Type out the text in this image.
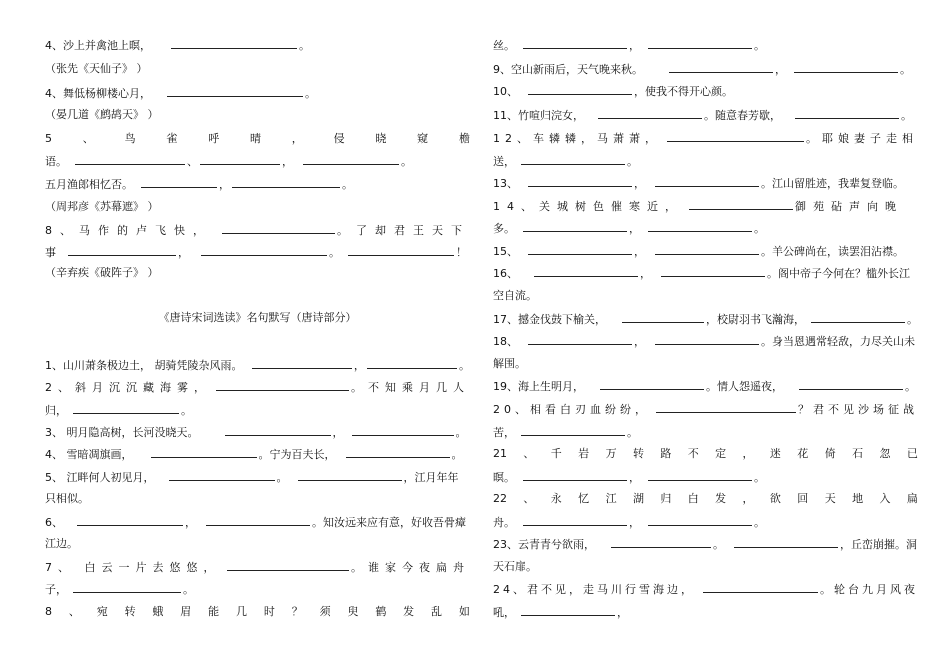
4、沙上并禽池上暝，	。
（张先《天仙子》 ）
4、舞低杨柳楼心月，	。
（晏几道《鹧鸪天》 ）
5	、	鸟	雀	呼	晴	，	侵	晓	窥	檐
语。	、	，	。
五月渔郎相忆否。	，	。
（周邦彦《苏幕遮》 ）
8、马作的卢飞快，	。了却君王天下
事	，	。	！
（辛弃疾《破阵子》 ）
《唐诗宋词选读》名句默写（唐诗部分）
1、山川萧条极边土， 胡骑凭陵杂风雨。	，	。
2、斜月沉沉藏海雾，	。不知乘月几人
归，	。
3、 明月隐高树，长河没晓天。	，	。
4、 雪暗凋旗画，	。宁为百夫长，	。
5、 江畔何人初见月，	。	，江月年年
只相似。
6、	，	。知汝远来应有意，好收吾骨瘴
江边。
7、 白云一片去悠悠，	。谁家今夜扁舟
子，	。
8 、 宛 转 蛾 眉 能 几 时 ？ 须 臾 鹤 发 乱 如
丝。	，	。
9、空山新雨后，天气晚来秋。	，	。
10、	，使我不得开心颜。
11、竹喧归浣女，	。随意春芳歇，	。
12、车辚辚，马萧萧，	。耶娘妻子走相
送，	。
13、	，	。江山留胜迹，我辈复登临。
14、关城树色催寒近，	御苑砧声向晚
多。	，	。
15、	，	。羊公碑尚在，读罢泪沾襟。
16、	，	。阁中帝子今何在？槛外长江
空自流。
17、撼金伐鼓下榆关，	，校尉羽书飞瀚海，	。
18、	，	。身当恩遇常轻敌，力尽关山未
解围。
19、海上生明月，	。情人怨遥夜，	。
20、相看白刃血纷纷，	？君不见沙场征战
苦，	。
21 、 千 岩 万 转 路 不 定 ， 迷 花 倚 石 忽 已
暝。	，	。
22 、 永 忆 江 湖 归 白 发 ， 欲 回 天 地 入 扁
舟。	，	。
23、云青青兮欲雨，	。	，丘峦崩摧。洞
天石扉。
24、君不见，走马川行雪海边，	。轮台九月风夜
吼，	，
